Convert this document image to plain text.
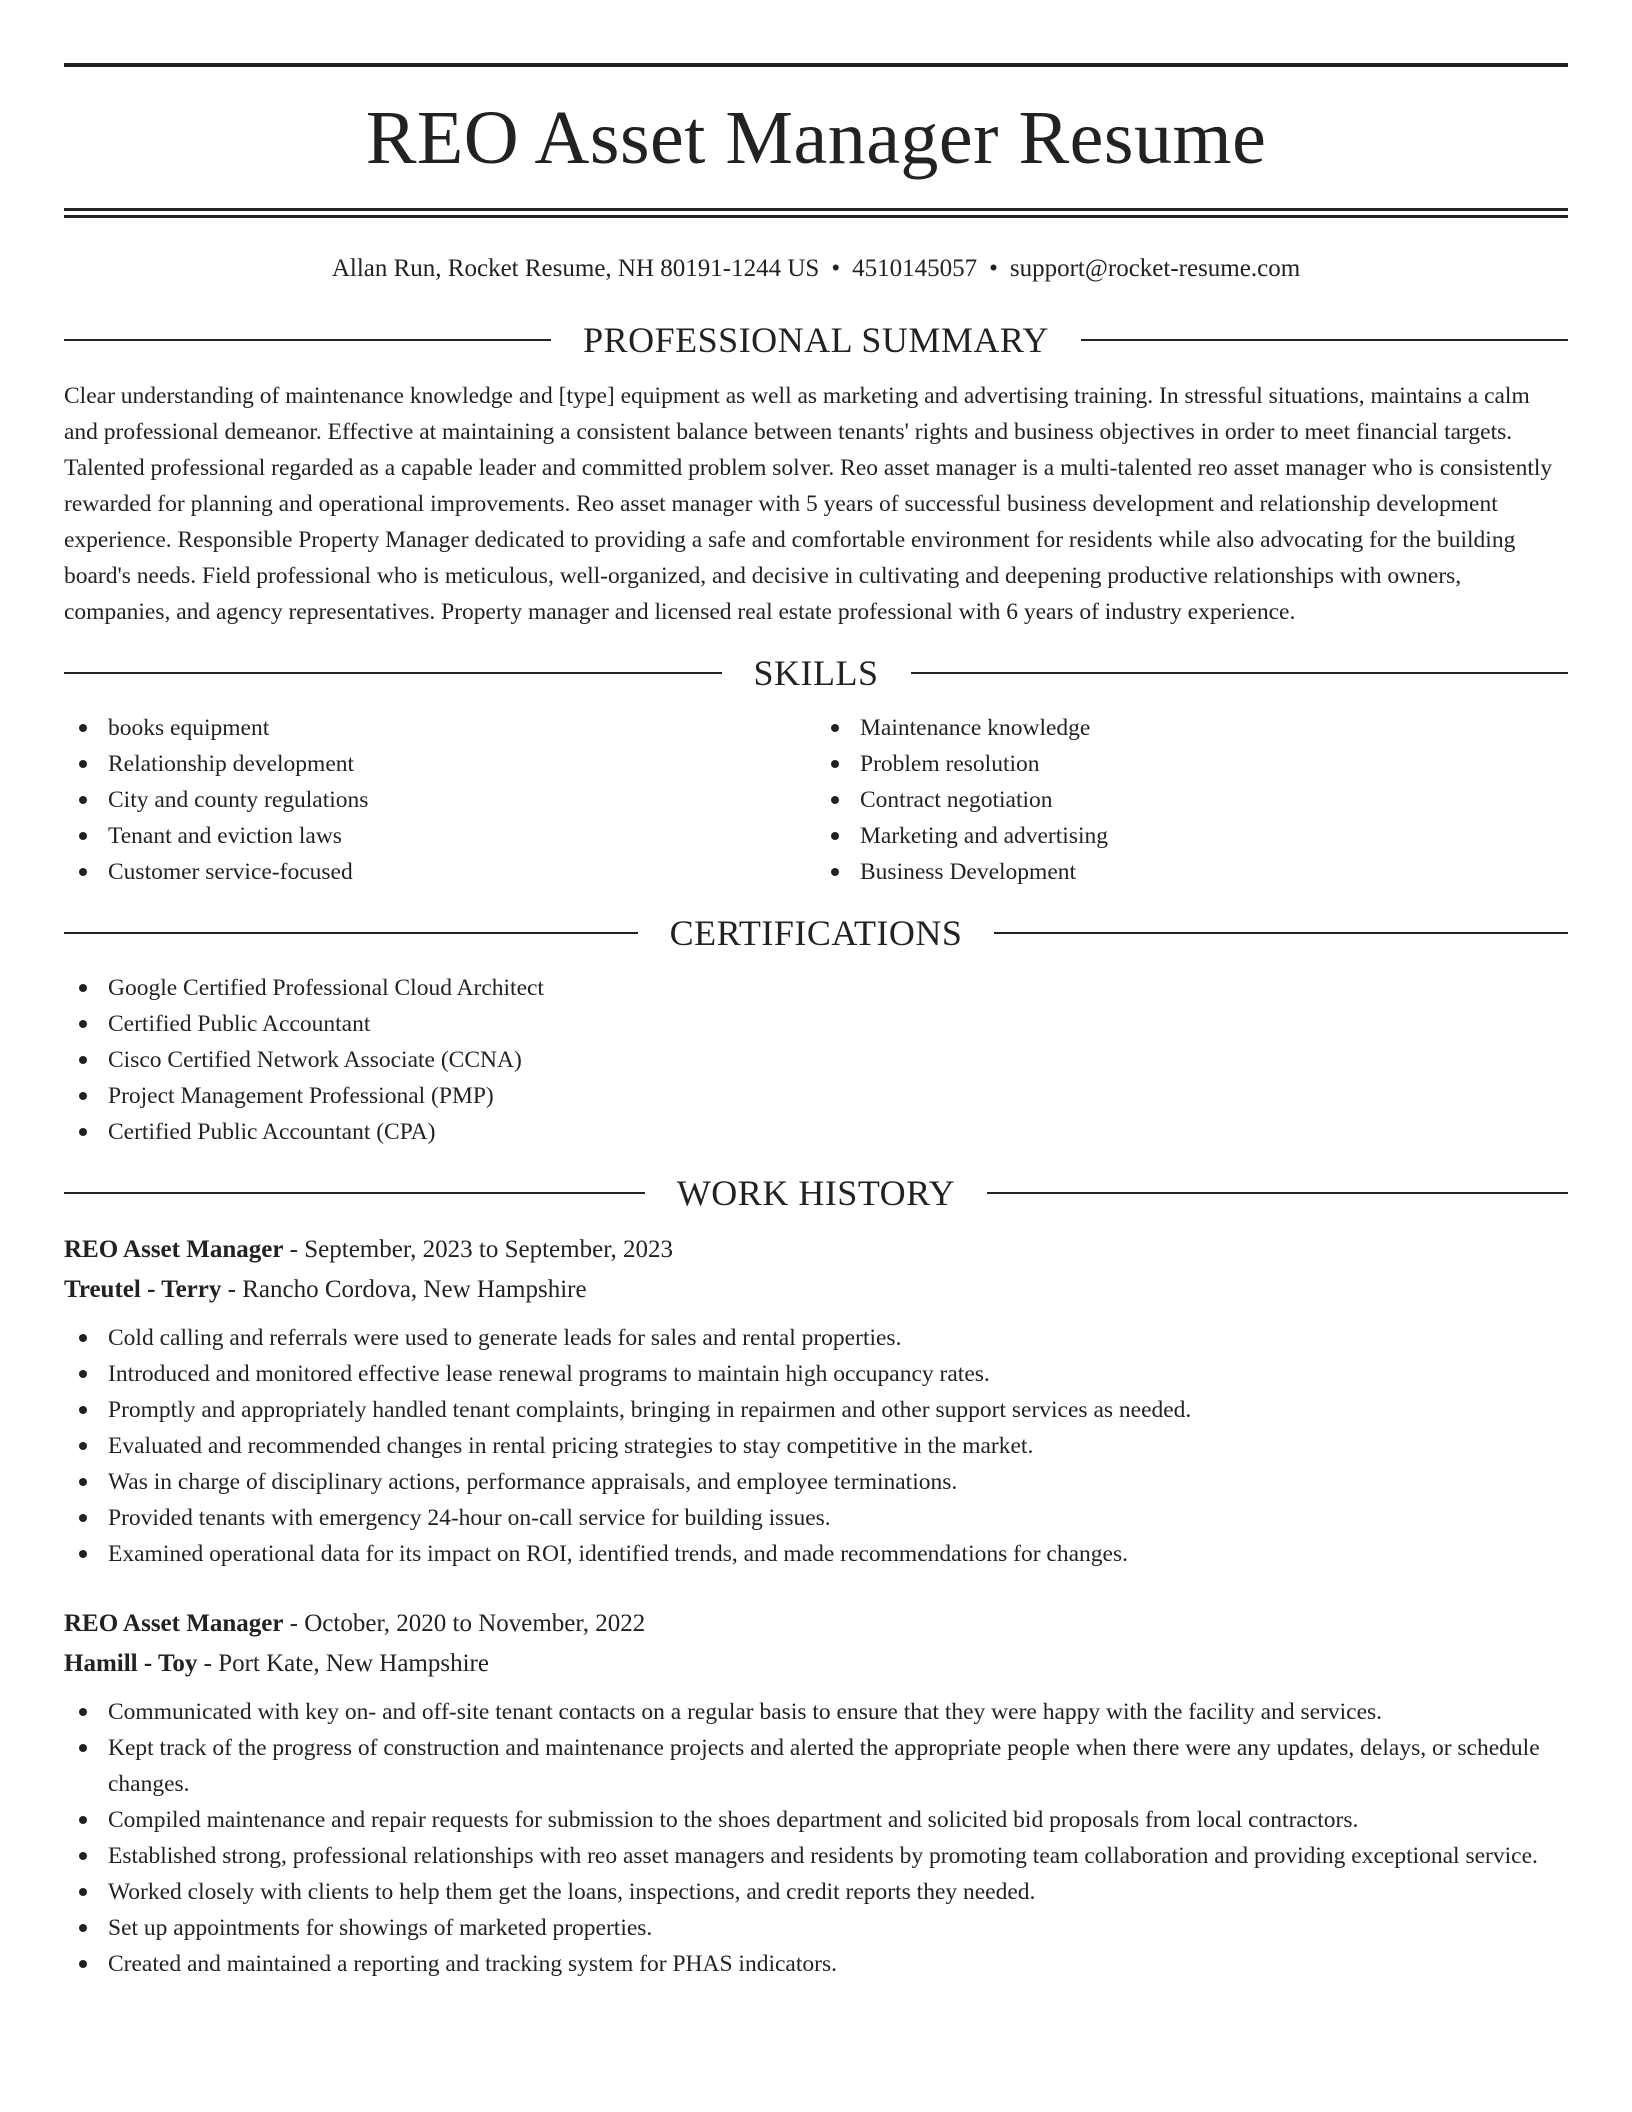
REO Asset Manager Resume
Allan Run, Rocket Resume, NH 80191-1244 US • 4510145057 • support@rocket-resume.com
PROFESSIONAL SUMMARY

Clear understanding of maintenance knowledge and [type] equipment as well as marketing and advertising training. In stressful situations, maintains a calm and professional demeanor. Effective at maintaining a consistent balance between tenants' rights and business objectives in order to meet financial targets. Talented professional regarded as a capable leader and committed problem solver. Reo asset manager is a multi-talented reo asset manager who is consistently rewarded for planning and operational improvements. Reo asset manager with 5 years of successful business development and relationship development experience. Responsible Property Manager dedicated to providing a safe and comfortable environment for residents while also advocating for the building board's needs. Field professional who is meticulous, well-organized, and decisive in cultivating and deepening productive relationships with owners, companies, and agency representatives. Property manager and licensed real estate professional with 6 years of industry experience.

SKILLS
books equipment
Relationship development
City and county regulations
Tenant and eviction laws
Customer service-focused
Maintenance knowledge
Problem resolution
Contract negotiation
Marketing and advertising
Business Development
CERTIFICATIONS
Google Certified Professional Cloud Architect
Certified Public Accountant
Cisco Certified Network Associate (CCNA)
Project Management Professional (PMP)
Certified Public Accountant (CPA)
WORK HISTORY
REO Asset Manager - September, 2023 to September, 2023
Treutel - Terry - Rancho Cordova, New Hampshire
Cold calling and referrals were used to generate leads for sales and rental properties.
Introduced and monitored effective lease renewal programs to maintain high occupancy rates.
Promptly and appropriately handled tenant complaints, bringing in repairmen and other support services as needed.
Evaluated and recommended changes in rental pricing strategies to stay competitive in the market.
Was in charge of disciplinary actions, performance appraisals, and employee terminations.
Provided tenants with emergency 24-hour on-call service for building issues.
Examined operational data for its impact on ROI, identified trends, and made recommendations for changes.
REO Asset Manager - October, 2020 to November, 2022
Hamill - Toy - Port Kate, New Hampshire
Communicated with key on- and off-site tenant contacts on a regular basis to ensure that they were happy with the facility and services.
Kept track of the progress of construction and maintenance projects and alerted the appropriate people when there were any updates, delays, or schedule changes.
Compiled maintenance and repair requests for submission to the shoes department and solicited bid proposals from local contractors.
Established strong, professional relationships with reo asset managers and residents by promoting team collaboration and providing exceptional service.
Worked closely with clients to help them get the loans, inspections, and credit reports they needed.
Set up appointments for showings of marketed properties.
Created and maintained a reporting and tracking system for PHAS indicators.
